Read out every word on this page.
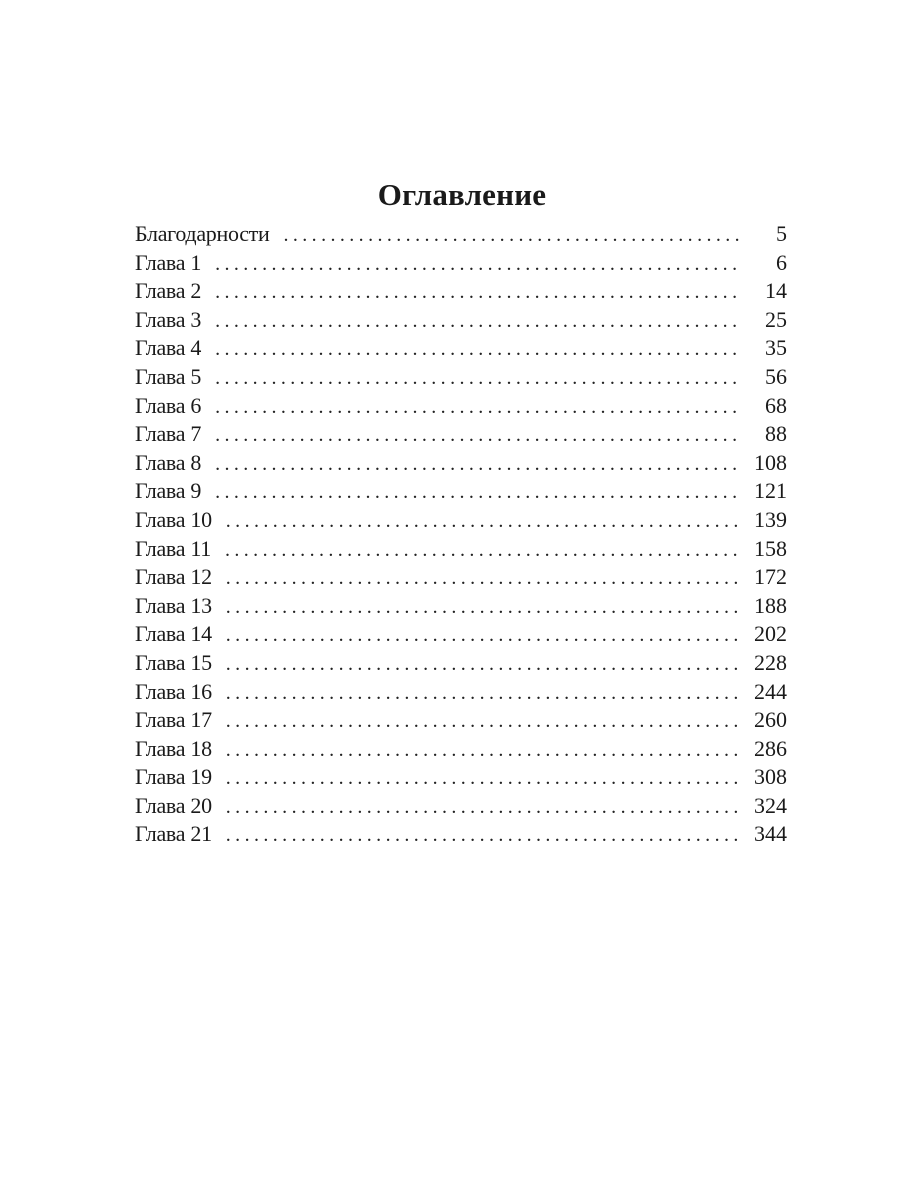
Оглавление
Благодарности . . .	5
Глава 1 . . .	6
Глава 2 . . .	14
Глава 3 . . .	25
Глава 4 . . .	35
Глава 5 . . .	56
Глава 6 . . .	68
Глава 7 . . .	88
Глава 8 . . .	108
Глава 9 . . .	121
Глава 10 . . .	139
Глава 11 . . .	158
Глава 12 . . .	172
Глава 13 . . .	188
Глава 14 . . .	202
Глава 15 . . .	228
Глава 16 . . .	244
Глава 17 . . .	260
Глава 18 . . .	286
Глава 19 . . .	308
Глава 20 . . .	324
Глава 21 . . .	344
